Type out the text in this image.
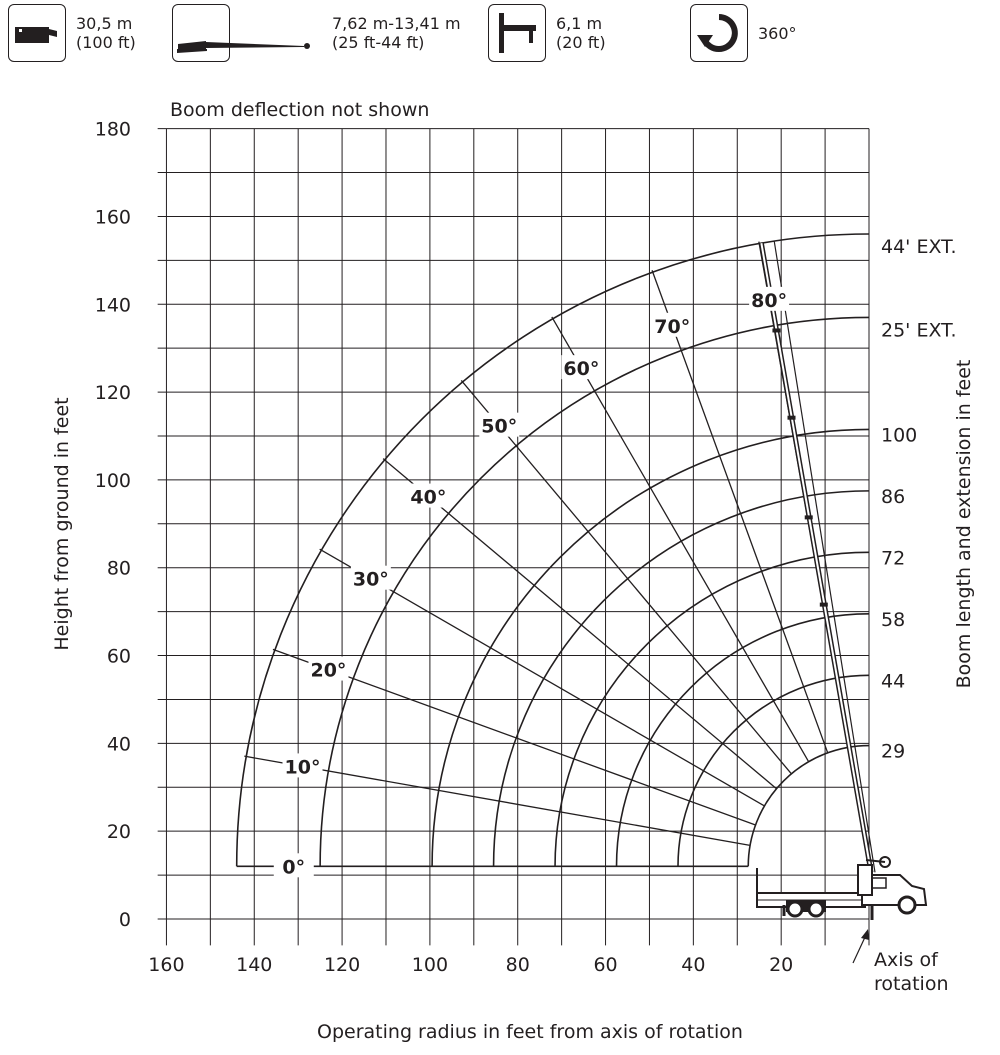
30,5 m
(100 ft)
7,62 m-13,41 m
(25 ft-44 ft)
6,1 m
(20 ft)	360°
160	140	120	100	80	60	40	20
180
160
140
120
100
80
60
40
20
0
29
44
58
72
86
100
25' EXT.
44' EXT.
0°
10°
20°
30°
40°
50°
60°
70°
80°
Boom deflection not shown
Operating radius in feet from axis of rotation
Height from ground in feet	Boom length and extension in feet
Axis of
rotation
